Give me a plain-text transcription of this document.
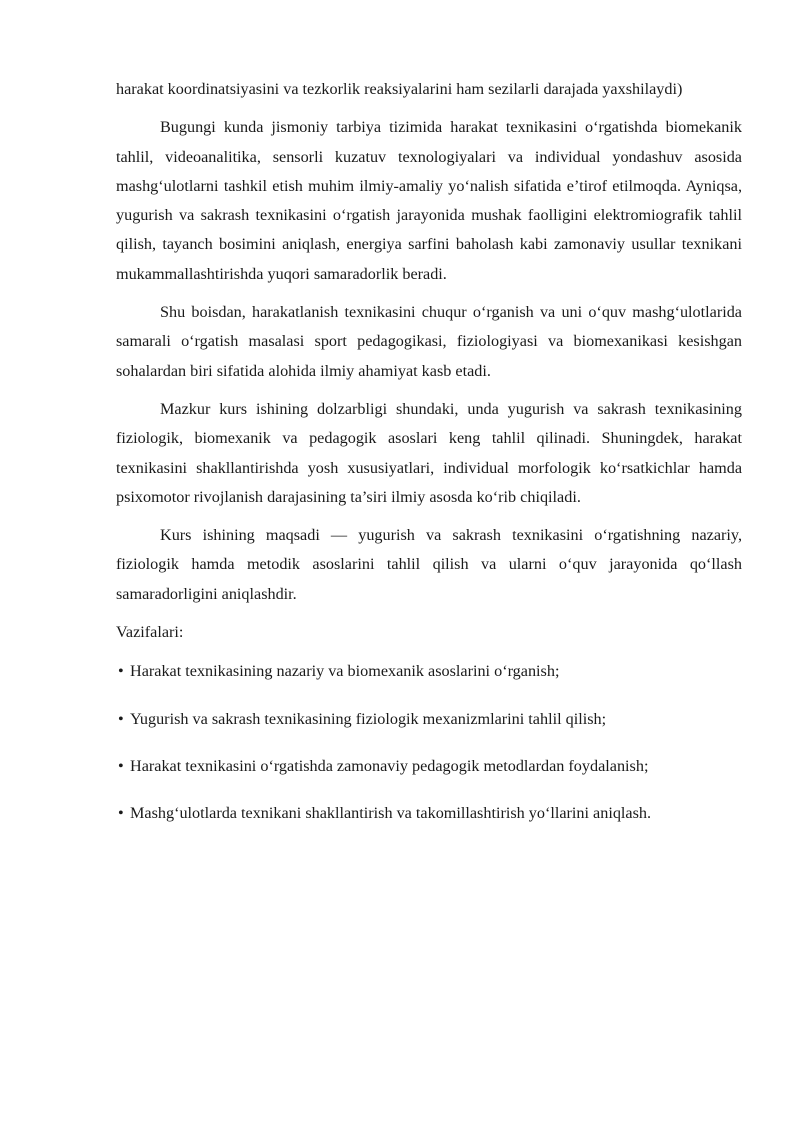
harakat koordinatsiyasini va tezkorlik reaksiyalarini ham sezilarli darajada yaxshilaydi)

Bugungi kunda jismoniy tarbiya tizimida harakat texnikasini o‘rgatishda biomekanik tahlil, videoanalitika, sensorli kuzatuv texnologiyalari va individual yondashuv asosida mashg‘ulotlarni tashkil etish muhim ilmiy-amaliy yo‘nalish sifatida e’tirof etilmoqda. Ayniqsa, yugurish va sakrash texnikasini o‘rgatish jarayonida mushak faolligini elektromiografik tahlil qilish, tayanch bosimini aniqlash, energiya sarfini baholash kabi zamonaviy usullar texnikani mukammallashtirishda yuqori samaradorlik beradi.

Shu boisdan, harakatlanish texnikasini chuqur o‘rganish va uni o‘quv mashg‘ulotlarida samarali o‘rgatish masalasi sport pedagogikasi, fiziologiyasi va biomexanikasi kesishgan sohalardan biri sifatida alohida ilmiy ahamiyat kasb etadi.

Mazkur kurs ishining dolzarbligi shundaki, unda yugurish va sakrash texnikasining fiziologik, biomexanik va pedagogik asoslari keng tahlil qilinadi. Shuningdek, harakat texnikasini shakllantirishda yosh xususiyatlari, individual morfologik ko‘rsatkichlar hamda psixomotor rivojlanish darajasining ta’siri ilmiy asosda ko‘rib chiqiladi.

Kurs ishining maqsadi — yugurish va sakrash texnikasini o‘rgatishning nazariy, fiziologik hamda metodik asoslarini tahlil qilish va ularni o‘quv jarayonida qo‘llash samaradorligini aniqlashdir.

Vazifalari:

• Harakat texnikasining nazariy va biomexanik asoslarini o‘rganish;
• Yugurish va sakrash texnikasining fiziologik mexanizmlarini tahlil qilish;
• Harakat texnikasini o‘rgatishda zamonaviy pedagogik metodlardan foydalanish;
• Mashg‘ulotlarda texnikani shakllantirish va takomillashtirish yo‘llarini aniqlash.
